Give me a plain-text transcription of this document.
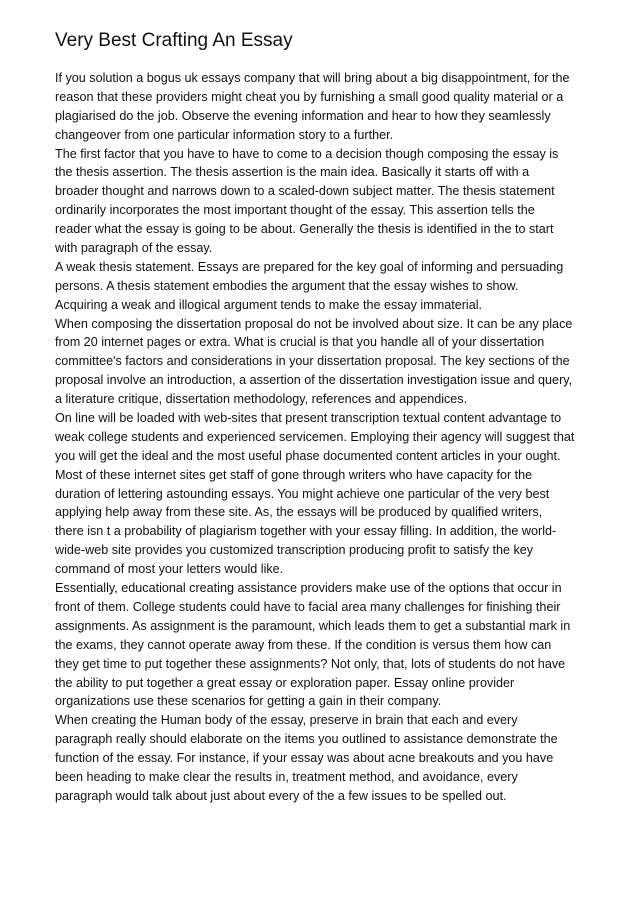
Very Best Crafting An Essay
If you solution a bogus uk essays company that will bring about a big disappointment, for the
reason that these providers might cheat you by furnishing a small good quality material or a
plagiarised do the job. Observe the evening information and hear to how they seamlessly
changeover from one particular information story to a further.
The first factor that you have to have to come to a decision though composing the essay is
the thesis assertion. The thesis assertion is the main idea. Basically it starts off with a
broader thought and narrows down to a scaled-down subject matter. The thesis statement
ordinarily incorporates the most important thought of the essay. This assertion tells the
reader what the essay is going to be about. Generally the thesis is identified in the to start
with paragraph of the essay.
A weak thesis statement. Essays are prepared for the key goal of informing and persuading
persons. A thesis statement embodies the argument that the essay wishes to show.
Acquiring a weak and illogical argument tends to make the essay immaterial.
When composing the dissertation proposal do not be involved about size. It can be any place
from 20 internet pages or extra. What is crucial is that you handle all of your dissertation
committee's factors and considerations in your dissertation proposal. The key sections of the
proposal involve an introduction, a assertion of the dissertation investigation issue and query,
a literature critique, dissertation methodology, references and appendices.
On line will be loaded with web-sites that present transcription textual content advantage to
weak college students and experienced servicemen. Employing their agency will suggest that
you will get the ideal and the most useful phase documented content articles in your ought.
Most of these internet sites get staff of gone through writers who have capacity for the
duration of lettering astounding essays. You might achieve one particular of the very best
applying help away from these site. As, the essays will be produced by qualified writers,
there isn t a probability of plagiarism together with your essay filling. In addition, the world-
wide-web site provides you customized transcription producing profit to satisfy the key
command of most your letters would like.
Essentially, educational creating assistance providers make use of the options that occur in
front of them. College students could have to facial area many challenges for finishing their
assignments. As assignment is the paramount, which leads them to get a substantial mark in
the exams, they cannot operate away from these. If the condition is versus them how can
they get time to put together these assignments? Not only, that, lots of students do not have
the ability to put together a great essay or exploration paper. Essay online provider
organizations use these scenarios for getting a gain in their company.
When creating the Human body of the essay, preserve in brain that each and every
paragraph really should elaborate on the items you outlined to assistance demonstrate the
function of the essay. For instance, if your essay was about acne breakouts and you have
been heading to make clear the results in, treatment method, and avoidance, every
paragraph would talk about just about every of the a few issues to be spelled out.
